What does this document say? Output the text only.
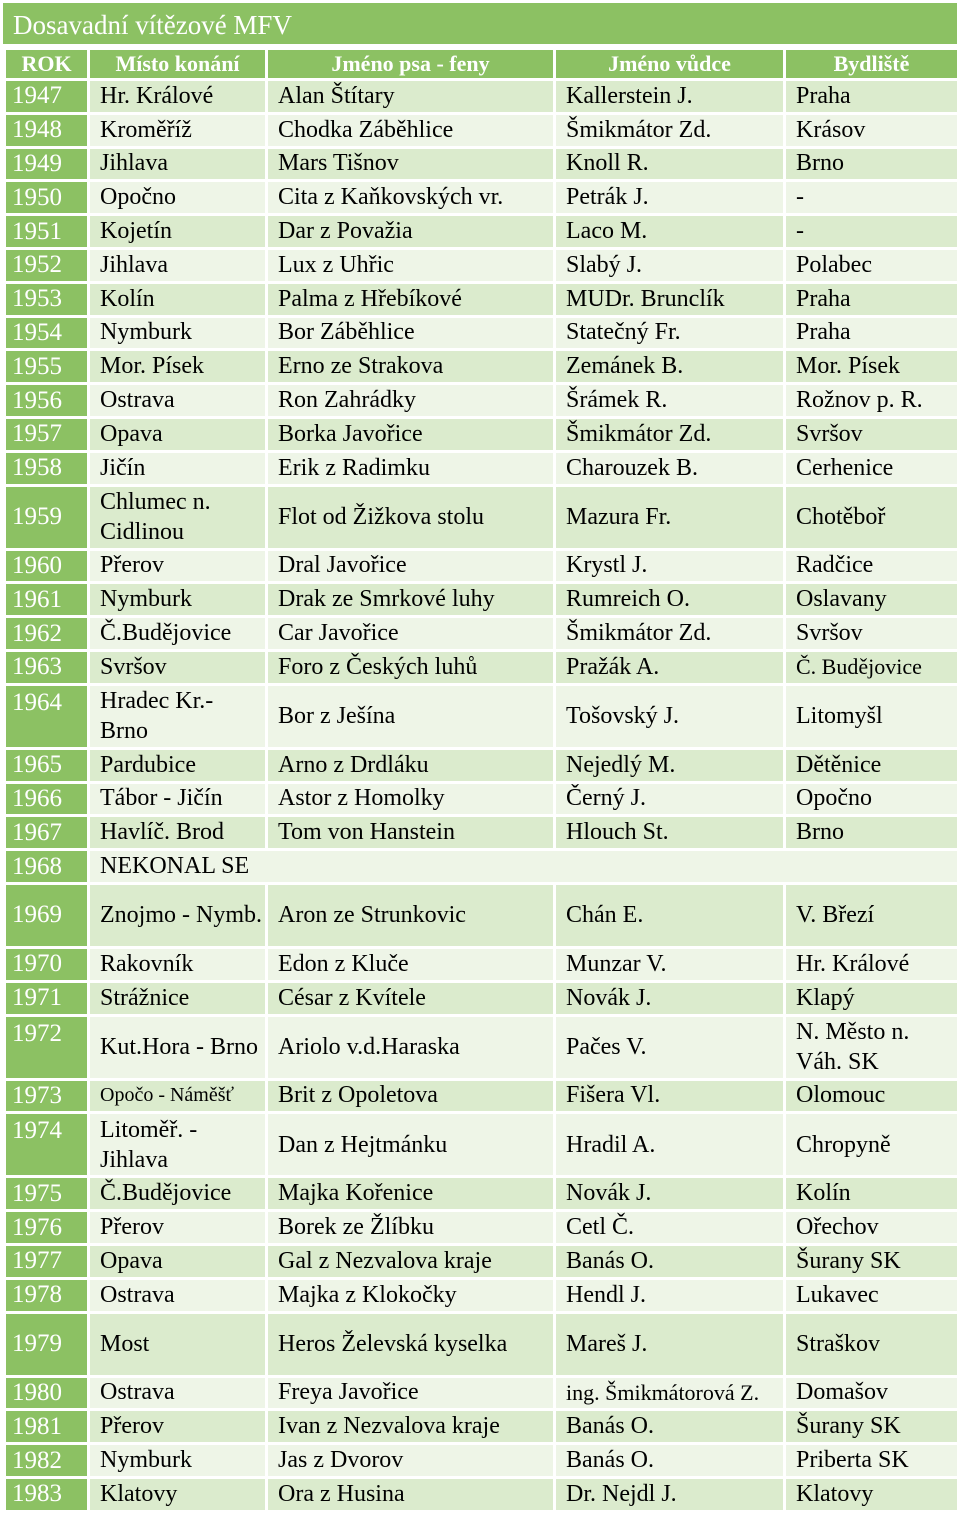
Dosavadní vítězové MFV
ROK	Místo konání	Jméno psa - feny	Jméno vůdce	Bydliště
1947	Hr. Králové	Alan Štítary	Kallerstein J.	Praha
1948	Kroměříž	Chodka Záběhlice	Šmikmátor Zd.	Krásov
1949	Jihlava	Mars Tišnov	Knoll R.	Brno
1950	Opočno	Cita z Kaňkovských vr.	Petrák J.	-
1951	Kojetín	Dar z Považia	Laco M.	-
1952	Jihlava	Lux z Uhřic	Slabý J.	Polabec
1953	Kolín	Palma z Hřebíkové	MUDr. Brunclík	Praha
1954	Nymburk	Bor Záběhlice	Statečný Fr.	Praha
1955	Mor. Písek	Erno ze Strakova	Zemánek B.	Mor. Písek
1956	Ostrava	Ron Zahrádky	Šrámek R.	Rožnov p. R.
1957	Opava	Borka Javořice	Šmikmátor Zd.	Svršov
1958	Jičín	Erik z Radimku	Charouzek B.	Cerhenice
1959	Chlumec n. Cidlinou	Flot od Žižkova stolu	Mazura Fr.	Chotěboř
1960	Přerov	Dral Javořice	Krystl J.	Radčice
1961	Nymburk	Drak ze Smrkové luhy	Rumreich O.	Oslavany
1962	Č.Budějovice	Car Javořice	Šmikmátor Zd.	Svršov
1963	Svršov	Foro z Českých luhů	Pražák A.	Č. Budějovice
1964	Hradec Kr.- Brno	Bor z Ješína	Tošovský J.	Litomyšl
1965	Pardubice	Arno z Drdláku	Nejedlý M.	Dětěnice
1966	Tábor - Jičín	Astor z Homolky	Černý J.	Opočno
1967	Havlíč. Brod	Tom von Hanstein	Hlouch St.	Brno
1968	NEKONAL SE			
1969	Znojmo - Nymb.	Aron ze Strunkovic	Chán E.	V. Březí
1970	Rakovník	Edon z Kluče	Munzar V.	Hr. Králové
1971	Strážnice	César z Kvítele	Novák J.	Klapý
1972	Kut.Hora - Brno	Ariolo v.d.Haraska	Pačes V.	N. Město n. Váh. SK
1973	Opočo - Náměšť	Brit z Opoletova	Fišera Vl.	Olomouc
1974	Litoměř. - Jihlava	Dan z Hejtmánku	Hradil A.	Chropyně
1975	Č.Budějovice	Majka Kořenice	Novák J.	Kolín
1976	Přerov	Borek ze Žlíbku	Cetl Č.	Ořechov
1977	Opava	Gal z Nezvalova kraje	Banás O.	Šurany SK
1978	Ostrava	Majka z Klokočky	Hendl J.	Lukavec
1979	Most	Heros Želevská kyselka	Mareš J.	Straškov
1980	Ostrava	Freya Javořice	ing. Šmikmátorová Z.	Domašov
1981	Přerov	Ivan z Nezvalova kraje	Banás O.	Šurany SK
1982	Nymburk	Jas z Dvorov	Banás O.	Priberta SK
1983	Klatovy	Ora z Husina	Dr. Nejdl J.	Klatovy
